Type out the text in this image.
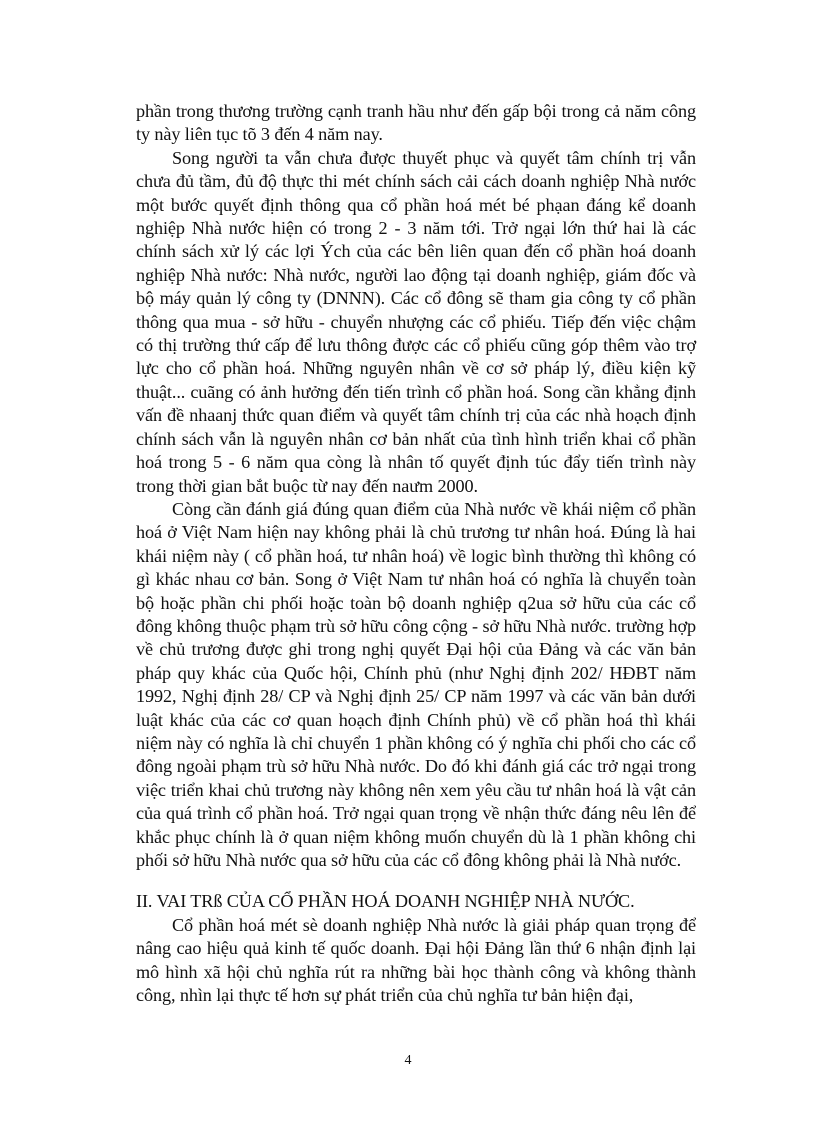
phần trong thương trường cạnh tranh hầu như đến gấp bội trong cả năm công ty này liên tục tõ 3 đến 4 năm nay.

Song người ta vẫn chưa được thuyết phục và quyết tâm chính trị vẫn chưa đủ tầm, đủ độ thực thi mét chính sách cải cách doanh nghiệp Nhà nước một bước quyết định thông qua cổ phần hoá mét bé phạan đáng kể doanh nghiệp Nhà nước hiện có trong 2 - 3 năm tới. Trở ngại lớn thứ hai là các chính sách xử lý các lợi Ých của các bên liên quan đến cổ phần hoá doanh nghiệp Nhà nước: Nhà nước, người lao động tại doanh nghiệp, giám đốc và bộ máy quản lý công ty (DNNN). Các cổ đông sẽ tham gia công ty cổ phần thông qua mua - sở hữu - chuyển nhượng các cổ phiếu. Tiếp đến việc chậm có thị trường thứ cấp để lưu thông được các cổ phiếu cũng góp thêm vào trợ lực cho cổ phần hoá. Những nguyên nhân về cơ sở pháp lý, điều kiện kỹ thuật... cuãng có ảnh hưởng đến tiến trình cổ phần hoá. Song cần khẳng định vấn đề nhaanj thức quan điểm và quyết tâm chính trị của các nhà hoạch định chính sách vẫn là nguyên nhân cơ bản nhất của tình hình triển khai cổ phần hoá trong 5 - 6 năm qua còng là nhân tố quyết định túc đẩy tiến trình này trong thời gian bắt buộc từ nay đến naưm 2000.

Còng cần đánh giá đúng quan điểm của Nhà nước về khái niệm cổ phần hoá ở Việt Nam hiện nay không phải là chủ trương tư nhân hoá. Đúng là hai khái niệm này ( cổ phần hoá, tư nhân hoá) về logic bình thường thì không có gì khác nhau cơ bản. Song ở Việt Nam tư nhân hoá có nghĩa là chuyển toàn bộ hoặc phần chi phối hoặc toàn bộ doanh nghiệp q2ua sở hữu của các cổ đông không thuộc phạm trù sở hữu công cộng - sở hữu Nhà nước. trường hợp về chủ trương được ghi trong nghị quyết Đại hội của Đảng và các văn bản pháp quy khác của Quốc hội, Chính phủ (như Nghị định 202/ HĐBT năm 1992, Nghị định 28/ CP và Nghị định 25/ CP năm 1997 và các văn bản dưới luật khác của các cơ quan hoạch định Chính phủ) về cổ phần hoá thì khái niệm này có nghĩa là chỉ chuyển 1 phần không có ý nghĩa chi phối cho các cổ đông ngoài phạm trù sở hữu Nhà nước. Do đó khi đánh giá các trở ngại trong việc triển khai chủ trương này không nên xem yêu cầu tư nhân hoá là vật cản của quá trình cổ phần hoá. Trở ngại quan trọng về nhận thức đáng nêu lên để khắc phục chính là ở quan niệm không muốn chuyển dù là 1 phần không chi phối sở hữu Nhà nước qua sở hữu của các cổ đông không phải là Nhà nước.

II. VAI TRß CỦA CỔ PHẦN HOÁ DOANH NGHIỆP NHÀ NƯỚC.

Cổ phần hoá mét sè doanh nghiệp Nhà nước là giải pháp quan trọng để nâng cao hiệu quả kinh tế quốc doanh. Đại hội Đảng lần thứ 6 nhận định lại mô hình xã hội chủ nghĩa rút ra những bài học thành công và không thành công, nhìn lại thực tế hơn sự phát triển của chủ nghĩa tư bản hiện đại,

4
